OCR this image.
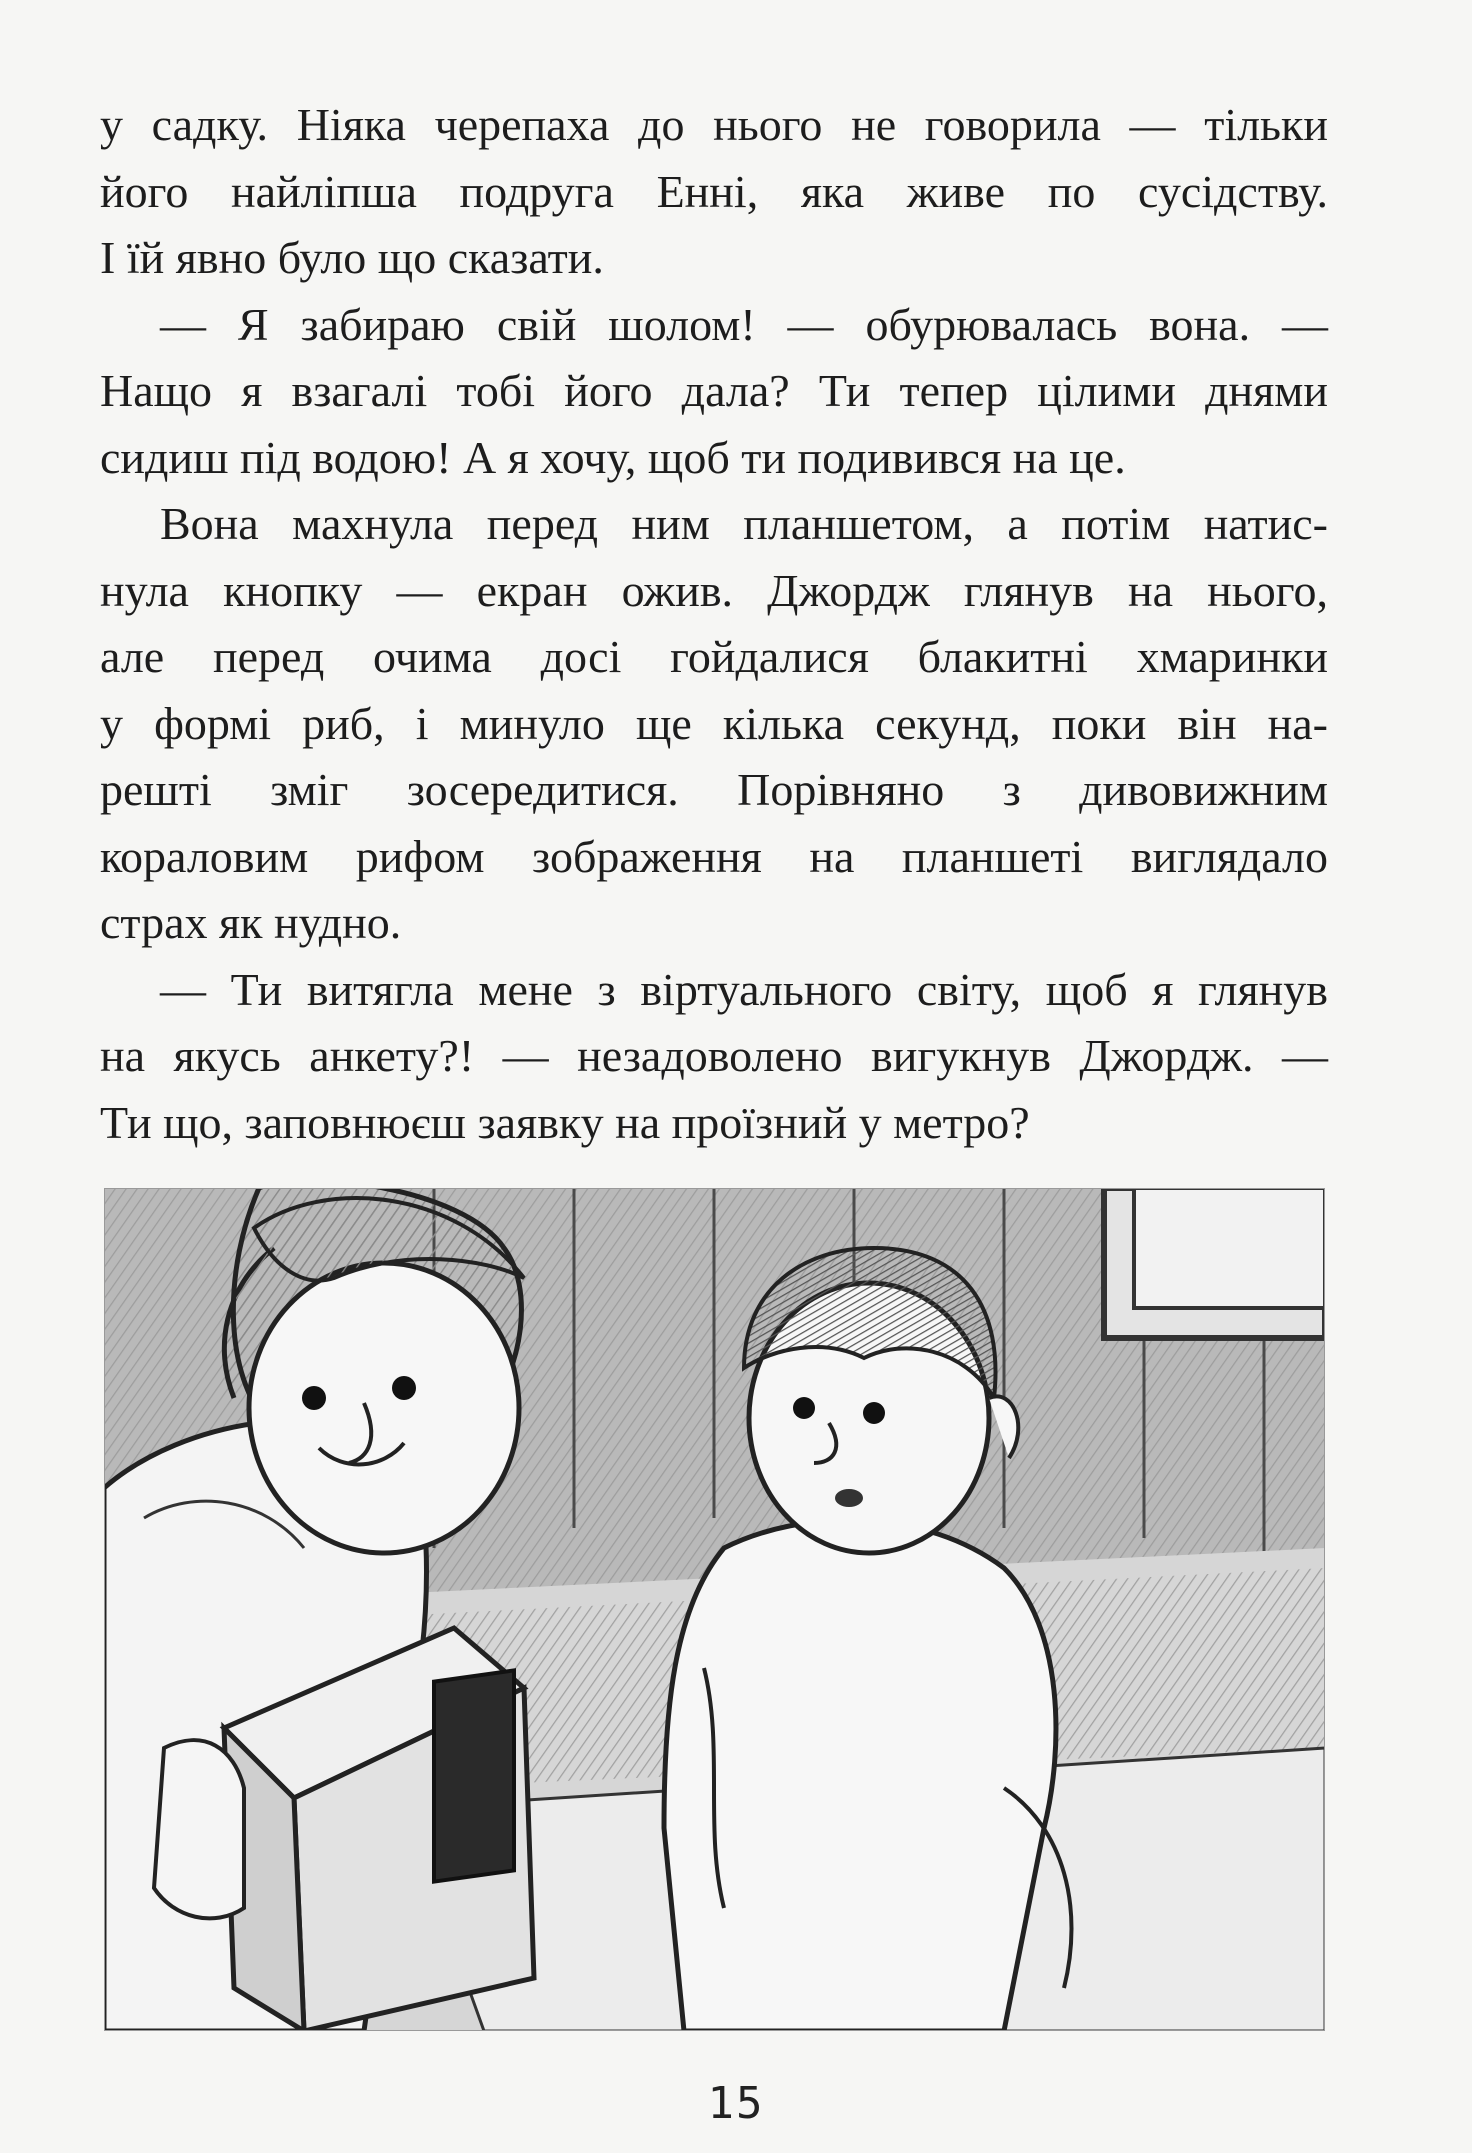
у садку. Ніяка черепаха до нього не говорила — тільки
його найліпша подруга Енні, яка живе по сусідству.
І їй явно було що сказати.
— Я забираю свій шолом! — обурювалась вона. —
Нащо я взагалі тобі його дала? Ти тепер цілими днями
сидиш під водою! А я хочу, щоб ти подивився на це.
Вона махнула перед ним планшетом, а потім натис-
нула кнопку — екран ожив. Джордж глянув на нього,
але перед очима досі гойдалися блакитні хмаринки
у формі риб, і минуло ще кілька секунд, поки він на-
решті зміг зосередитися. Порівняно з дивовижним
кораловим рифом зображення на планшеті виглядало
страх як нудно.
— Ти витягла мене з віртуального світу, щоб я глянув
на якусь анкету?! — незадоволено вигукнув Джордж. —
Ти що, заповнюєш заявку на проїзний у метро?
15
